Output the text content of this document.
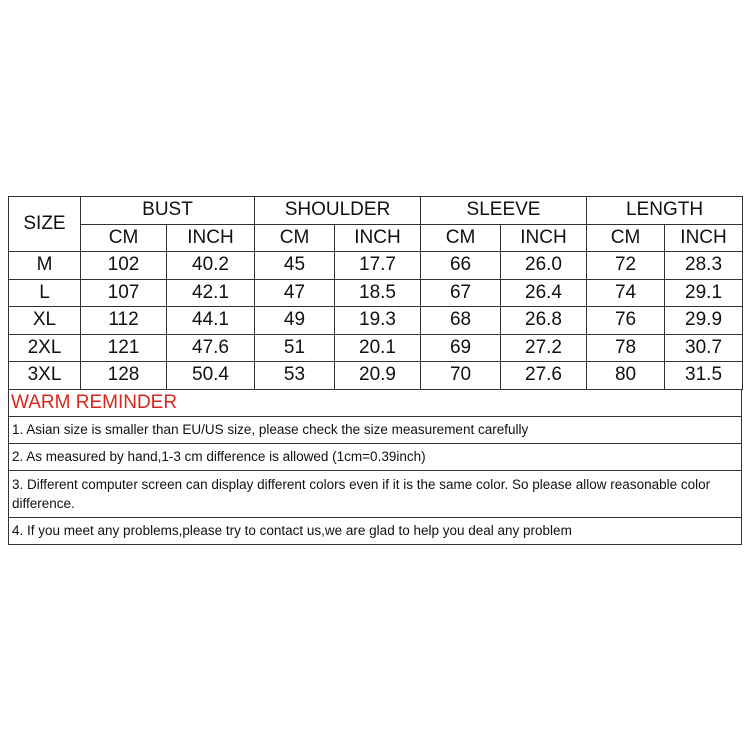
SIZE	BUST		SHOULDER		SLEEVE		LENGTH	
	CM	INCH	CM	INCH	CM	INCH	CM	INCH
M	102	40.2	45	17.7	66	26.0	72	28.3
L	107	42.1	47	18.5	67	26.4	74	29.1
XL	112	44.1	49	19.3	68	26.8	76	29.9
2XL	121	47.6	51	20.1	69	27.2	78	30.7
3XL	128	50.4	53	20.9	70	27.6	80	31.5
WARM REMINDER
1. Asian size is smaller than EU/US size, please check the size measurement carefully
2. As measured by hand,1-3 cm difference is allowed (1cm=0.39inch)
3. Different computer screen can display different colors even if it is the same color. So please allow reasonable color difference.
4. If you meet any problems,please try to contact us,we are glad to help you deal any problem
